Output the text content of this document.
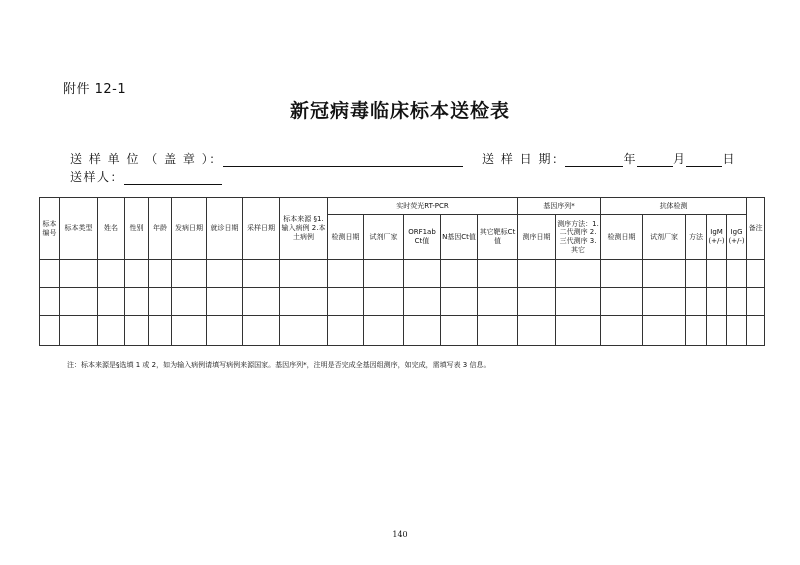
附件 12-1
新冠病毒临床标本送检表
送 样 单 位 （ 盖 章 ）：	送 样 日 期：	年	月	日
送样人：
标本编号	标本类型	姓名	性别	年龄	发病日期	就诊日期	采样日期	标本来源 §1.输入病例 2.本土病例	实时荧光RT-PCR					基因序列*		抗体检测					备注
									检测日期	试剂厂家	ORF1ab Ct值	N基因Ct值	其它靶标Ct值	测序日期	测序方法：1.二代测序 2.三代测序 3. 其它	检测日期	试剂厂家	方法	IgM (+/-)	IgG (+/-)	

注：标本来源是§选填 1 或 2，如为输入病例请填写病例来源国家。基因序列*，注明是否完成全基因组测序，如完成，需填写表 3 信息。
140
